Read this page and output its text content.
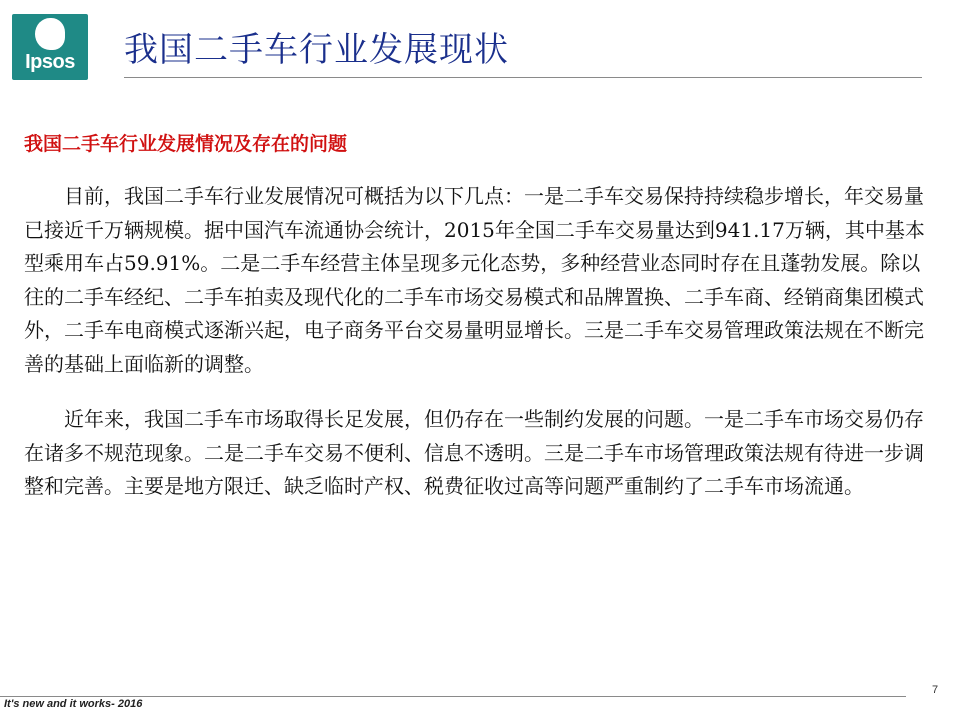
Ipsos	我国二手车行业发展现状
我国二手车行业发展情况及存在的问题

目前，我国二手车行业发展情况可概括为以下几点：一是二手车交易保持持续稳步增长，年交易量已接近千万辆规模。据中国汽车流通协会统计，2015年全国二手车交易量达到941.17万辆，其中基本型乘用车占59.91%。二是二手车经营主体呈现多元化态势，多种经营业态同时存在且蓬勃发展。除以往的二手车经纪、二手车拍卖及现代化的二手车市场交易模式和品牌置换、二手车商、经销商集团模式外，二手车电商模式逐渐兴起，电子商务平台交易量明显增长。三是二手车交易管理政策法规在不断完善的基础上面临新的调整。

近年来，我国二手车市场取得长足发展，但仍存在一些制约发展的问题。一是二手车市场交易仍存在诸多不规范现象。二是二手车交易不便利、信息不透明。三是二手车市场管理政策法规有待进一步调整和完善。主要是地方限迁、缺乏临时产权、税费征收过高等问题严重制约了二手车市场流通。

7
It's new and it works- 2016
